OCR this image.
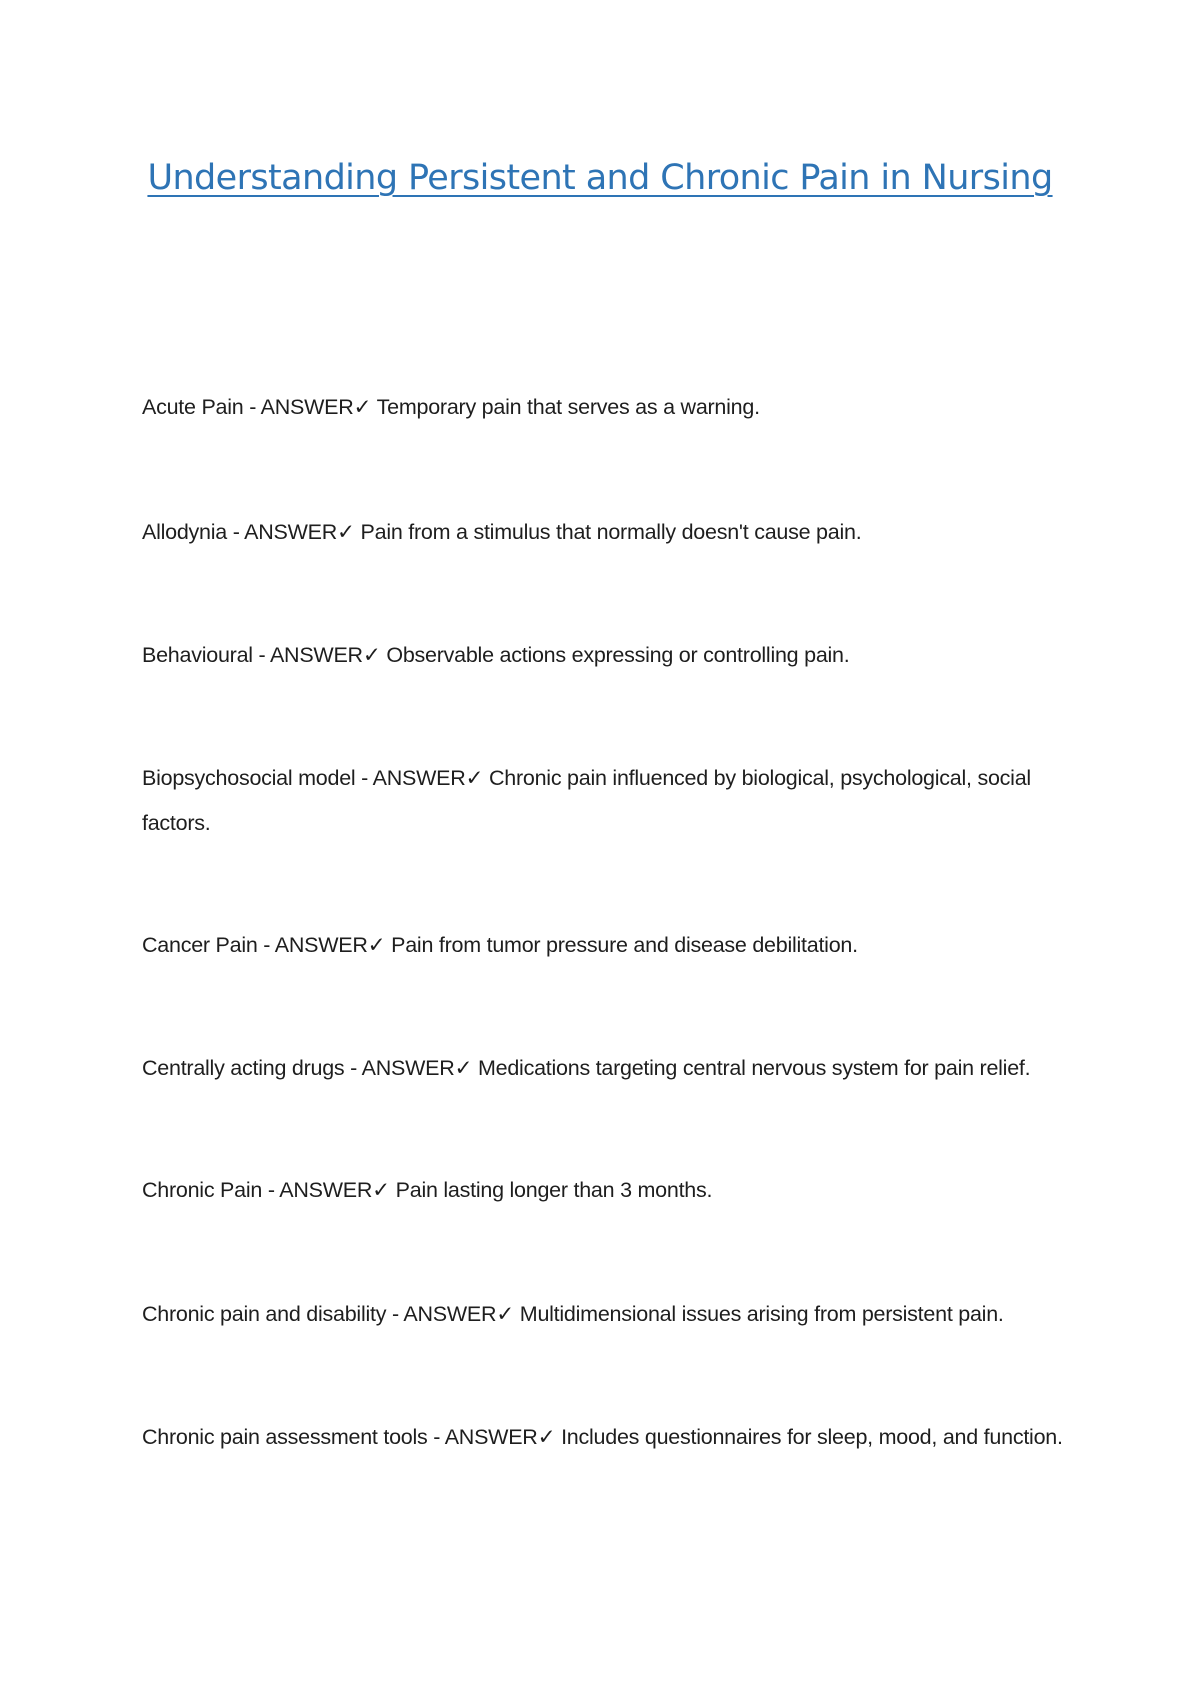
Understanding Persistent and Chronic Pain in Nursing
Acute Pain - ANSWER✓ Temporary pain that serves as a warning.
Allodynia - ANSWER✓ Pain from a stimulus that normally doesn't cause pain.
Behavioural - ANSWER✓ Observable actions expressing or controlling pain.
Biopsychosocial model - ANSWER✓ Chronic pain influenced by biological, psychological, social factors.
Cancer Pain - ANSWER✓ Pain from tumor pressure and disease debilitation.
Centrally acting drugs - ANSWER✓ Medications targeting central nervous system for pain relief.
Chronic Pain - ANSWER✓ Pain lasting longer than 3 months.
Chronic pain and disability - ANSWER✓ Multidimensional issues arising from persistent pain.
Chronic pain assessment tools - ANSWER✓ Includes questionnaires for sleep, mood, and function.
